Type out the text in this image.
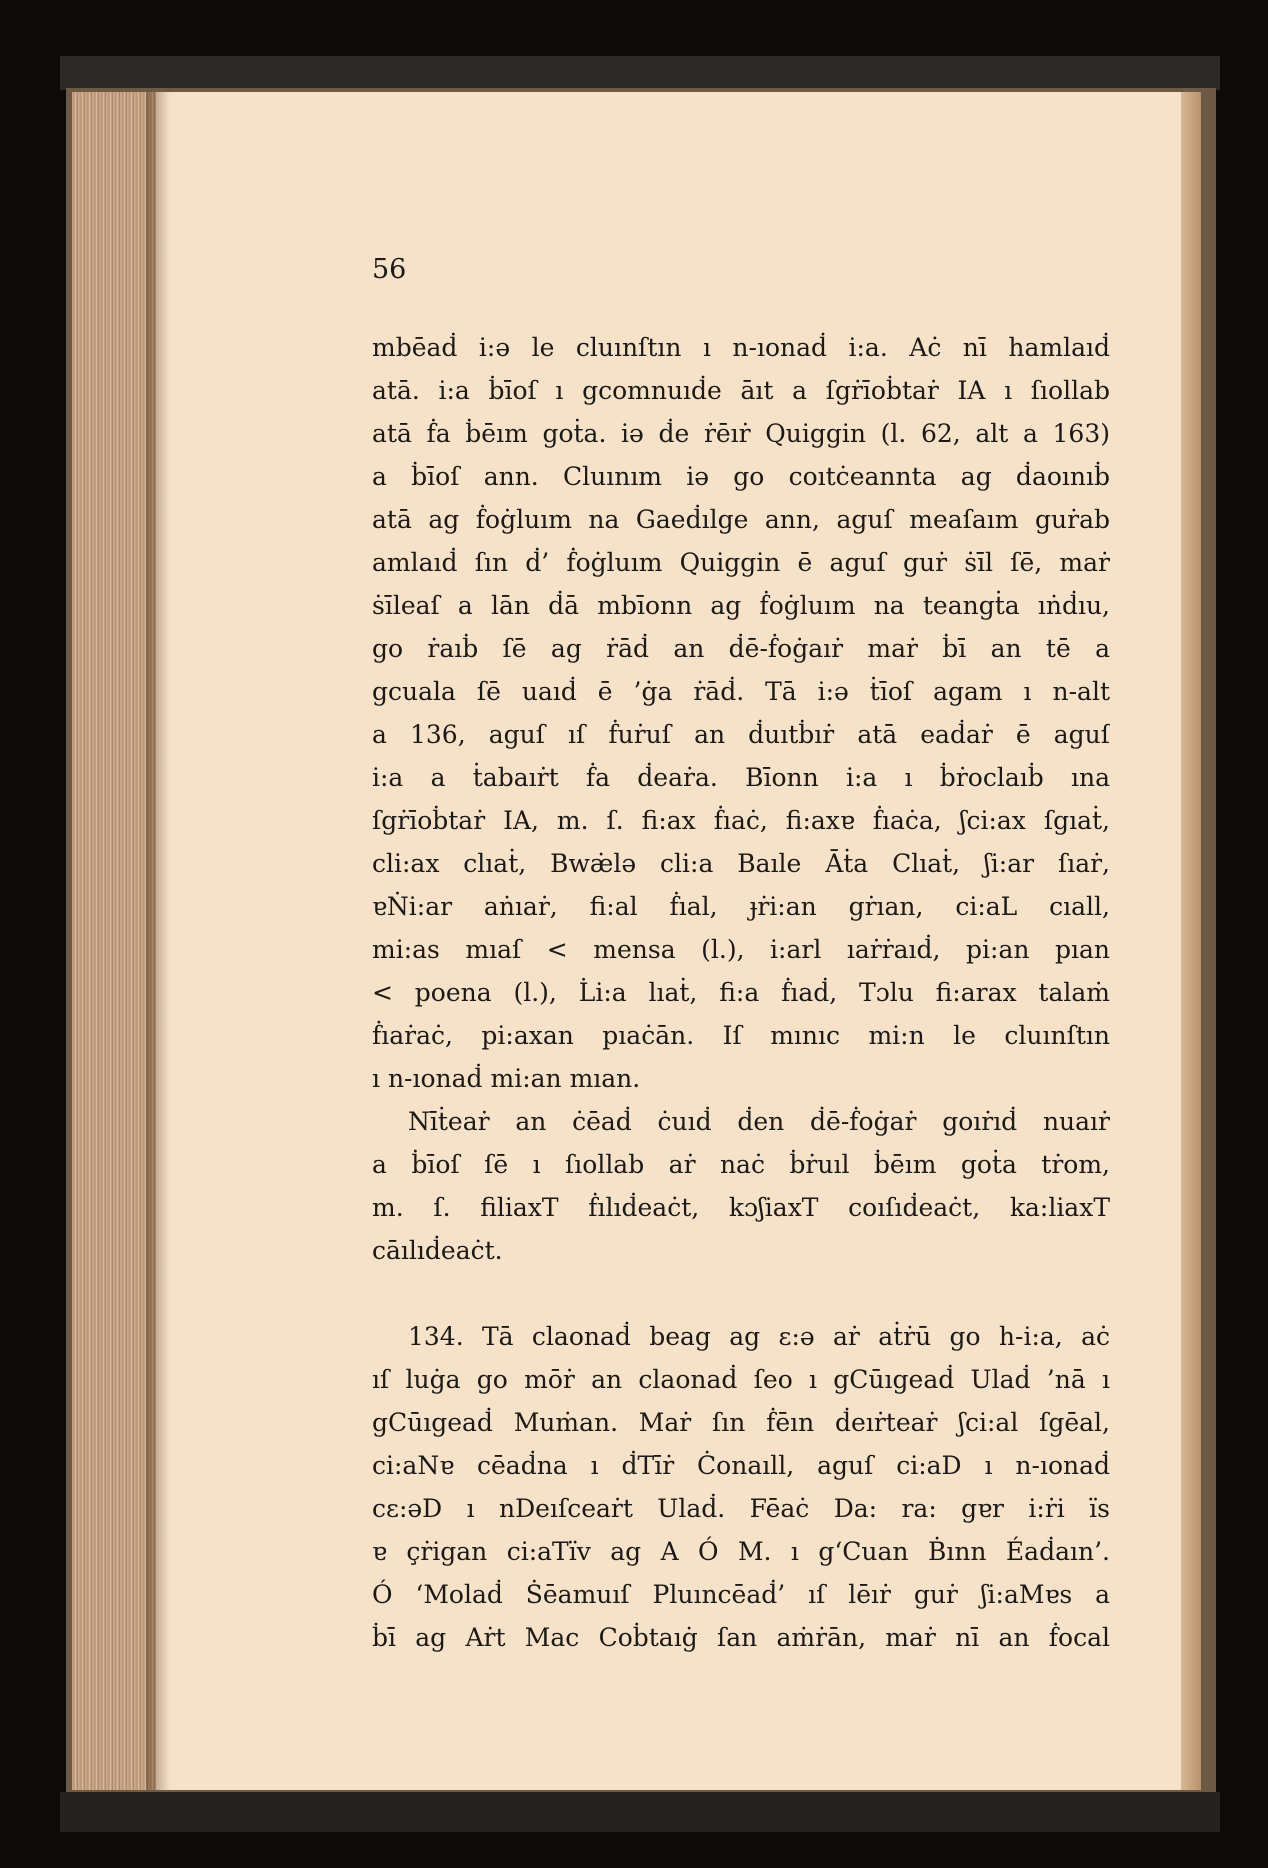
56
mbēaḋ i:ə le cluınſtın ı n-ıonaḋ i:a. Aċ nī hamlaıḋ
atā. i:a ḃīoſ ı gcomnuıḋe āıt a ſgṙīoḃtaṙ IA ı ſıollab
atā ḟa ḃēım goṫa. iə ḋe ṙēıṙ Quiggin (l. 62, alt a 163)
a ḃīoſ ann. Cluınım iə go coıtċeannta ag ḋaoınıḃ
atā ag ḟoġluım na Gaeḋılge ann, aguſ meaſaım guṙab
amlaıḋ ſın ḋ’ ḟoġluım Quiggin ē aguſ guṙ ṡīl ſē, maṙ
ṡīleaſ a lān ḋā mbīonn ag ḟoġluım na teangṫa ıṅḋıu,
go ṙaıḃ ſē ag ṙāḋ an ḋē-ḟoġaıṙ maṙ ḃī an tē a
gcuala ſē uaıḋ ē ’ġa ṙāḋ. Tā i:ə ṫīoſ agam ı n-alt
a 136, aguſ ıſ ḟuṙuſ an ḋuıtḃıṙ atā eaḋaṙ ē aguſ
i:a a ṫabaıṙt ḟa ḋeaṙa. Bīonn i:a ı ḃṙoclaıḃ ına
ſgṙīoḃtaṙ IA, m. ſ. fi:ax ḟıaċ, fi:axɐ ḟıaċa, ʃci:ax ſgıaṫ,
cli:ax clıaṫ, Bwæ̇lə cli:a Baıle Āṫa Clıaṫ, ʃi:ar ſıaṙ,
ɐṄi:ar aṅıaṙ, fi:al ḟıal, ɟṙi:an gṙıan, ci:aL cıall,
mi:as mıaſ < mensa (l.), i:arl ıaṙṙaıḋ, pi:an pıan
< poena (l.), L̇i:a lıaṫ, fi:a ḟıaḋ, Tɔlu fi:arax talaṁ
ḟıaṙaċ, pi:axan pıaċān. Iſ mınıc mi:n le cluınſtın
ı n-ıonaḋ mi:an mıan.
Nīṫeaṙ an ċēaḋ ċuıḋ ḋen ḋē-ḟoġaṙ goıṙıḋ nuaıṙ
a ḃīoſ ſē ı ſıollab aṙ naċ ḃṙuıl ḃēım goṫa tṙom,
m. ſ. filiaxT ḟılıḋeaċt, kɔʃiaxT coıſıḋeaċt, ka:liaxT
cāılıḋeaċt.
134. Tā claonaḋ beag ag ɛ:ə aṙ aṫṙū go h-i:a, aċ
ıſ luġa go mōṙ an claonaḋ ſeo ı gCūıgeaḋ Ulaḋ ’nā ı
gCūıgeaḋ Muṁan. Maṙ ſın ḟēın ḋeıṙteaṙ ʃci:al ſgēal,
ci:aNɐ cēaḋna ı ḋTīṙ Ċonaıll, aguſ ci:aD ı n-ıonaḋ
cɛ:əD ı nDeıſceaṙt Ulaḋ. Fēaċ Da: ra: gɐr i:ṙi ïs
ɐ çṙigan ci:aTïv ag A Ó M. ı g‘Cuan Ḃınn Éaḋaın’.
Ó ‘Molaḋ Ṡēamuıſ Pluıncēaḋ’ ıſ lēıṙ guṙ ʃi:aMɐs a
ḃī ag Aṙt Mac Coḃtaıġ ſan aṁṙān, maṙ nī an ḟocal
